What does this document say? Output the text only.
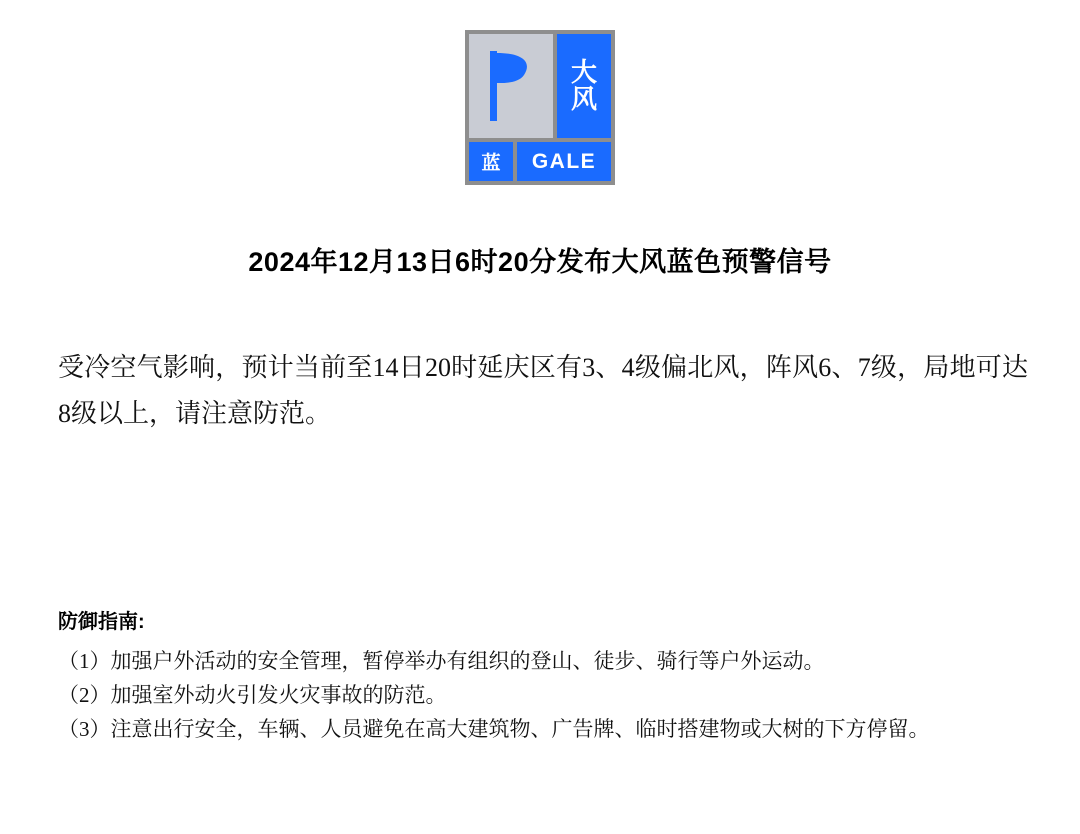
大
风
蓝	GALE
2024年12月13日6时20分发布大风蓝色预警信号
受冷空气影响，预计当前至14日20时延庆区有3、4级偏北风，阵风6、7级，局地可达8级以上，请注意防范。
防御指南:
（1）加强户外活动的安全管理，暂停举办有组织的登山、徒步、骑行等户外运动。
（2）加强室外动火引发火灾事故的防范。
（3）注意出行安全，车辆、人员避免在高大建筑物、广告牌、临时搭建物或大树的下方停留。
